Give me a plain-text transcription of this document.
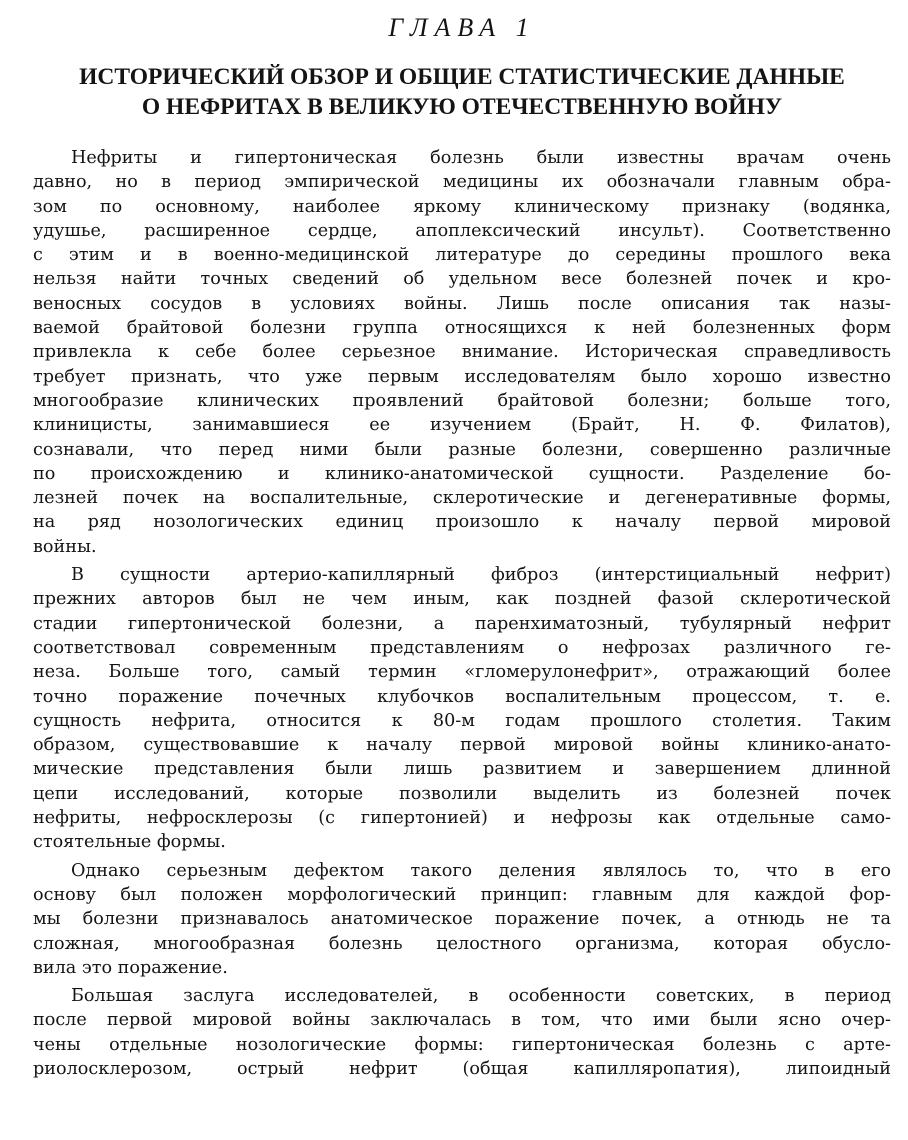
ГЛАВА 1
ИСТОРИЧЕСКИЙ ОБЗОР И ОБЩИЕ СТАТИСТИЧЕСКИЕ ДАННЫЕ
О НЕФРИТАХ В ВЕЛИКУЮ ОТЕЧЕСТВЕННУЮ ВОЙНУ
Нефриты и гипертоническая болезнь были известны врачам очень
давно, но в период эмпирической медицины их обозначали главным обра-
зом по основному, наиболее яркому клиническому признаку (водянка,
удушье, расширенное сердце, апоплексический инсульт). Соответственно
с этим и в военно-медицинской литературе до середины прошлого века
нельзя найти точных сведений об удельном весе болезней почек и кро-
веносных сосудов в условиях войны. Лишь после описания так назы-
ваемой брайтовой болезни группа относящихся к ней болезненных форм
привлекла к себе более серьезное внимание. Историческая справедливость
требует признать, что уже первым исследователям было хорошо известно
многообразие клинических проявлений брайтовой болезни; больше того,
клиницисты, занимавшиеся ее изучением (Брайт, Н. Ф. Филатов),
сознавали, что перед ними были разные болезни, совершенно различные
по происхождению и клинико-анатомической сущности. Разделение бо-
лезней почек на воспалительные, склеротические и дегенеративные формы,
на ряд нозологических единиц произошло к началу первой мировой
войны.
В сущности артерио-капиллярный фиброз (интерстициальный нефрит)
прежних авторов был не чем иным, как поздней фазой склеротической
стадии гипертонической болезни, а паренхиматозный, тубулярный нефрит
соответствовал современным представлениям о нефрозах различного ге-
неза. Больше того, самый термин «гломерулонефрит», отражающий более
точно поражение почечных клубочков воспалительным процессом, т. е.
сущность нефрита, относится к 80-м годам прошлого столетия. Таким
образом, существовавшие к началу первой мировой войны клинико-анато-
мические представления были лишь развитием и завершением длинной
цепи исследований, которые позволили выделить из болезней почек
нефриты, нефросклерозы (с гипертонией) и нефрозы как отдельные само-
стоятельные формы.
Однако серьезным дефектом такого деления являлось то, что в его
основу был положен морфологический принцип: главным для каждой фор-
мы болезни признавалось анатомическое поражение почек, а отнюдь не та
сложная, многообразная болезнь целостного организма, которая обусло-
вила это поражение.
Большая заслуга исследователей, в особенности советских, в период
после первой мировой войны заключалась в том, что ими были ясно очер-
чены отдельные нозологические формы: гипертоническая болезнь с арте-
риолосклерозом, острый нефрит (общая капилляропатия), липоидный
